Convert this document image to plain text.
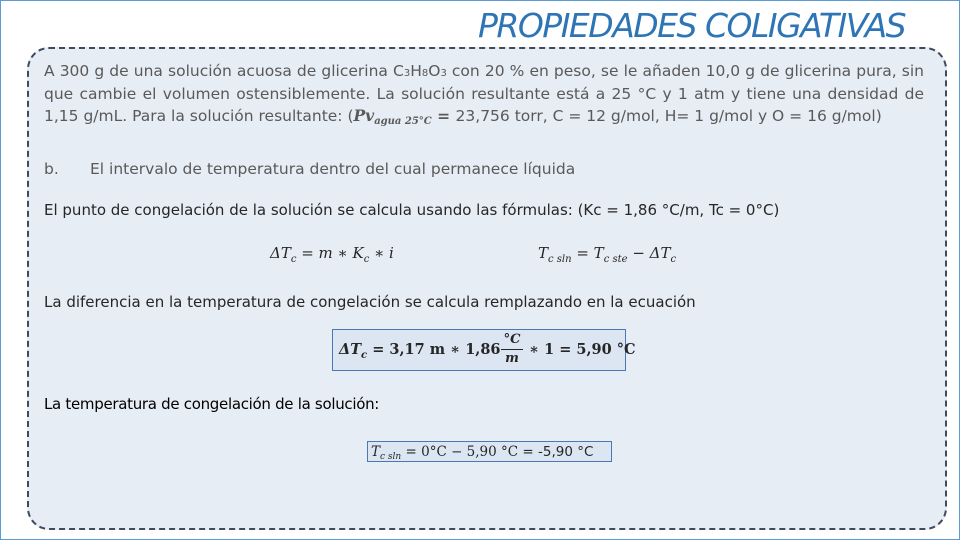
PROPIEDADES COLIGATIVAS
A 300 g de una solución acuosa de glicerina C3H8O3 con 20 % en peso, se le añaden 10,0 g de glicerina pura, sin que cambie el volumen ostensiblemente. La solución resultante está a 25 °C y 1 atm y tiene una densidad de 1,15 g/mL. Para la solución resultante: (Pvagua 25°C = 23,756 torr, C = 12 g/mol, H= 1 g/mol y O = 16 g/mol)
b. El intervalo de temperatura dentro del cual permanece líquida
El punto de congelación de la solución se calcula usando las fórmulas: (Kc = 1,86 °C/m, Tc = 0°C)
$\Delta T_c = m$ ∗ $K_c$ ∗ i	$T_{c sln} = T_{c ste} - \Delta T_c$
La diferencia en la temperatura de congelación se calcula remplazando en la ecuación
$\Delta T_c = 3,17$ m ∗ 1,86
°C
m
∗ 1 = 5,90 °C
La temperatura de congelación de la solución:
$T_{c sln} = 0^\circ C - 5,90$ °C = -5,90 °C
